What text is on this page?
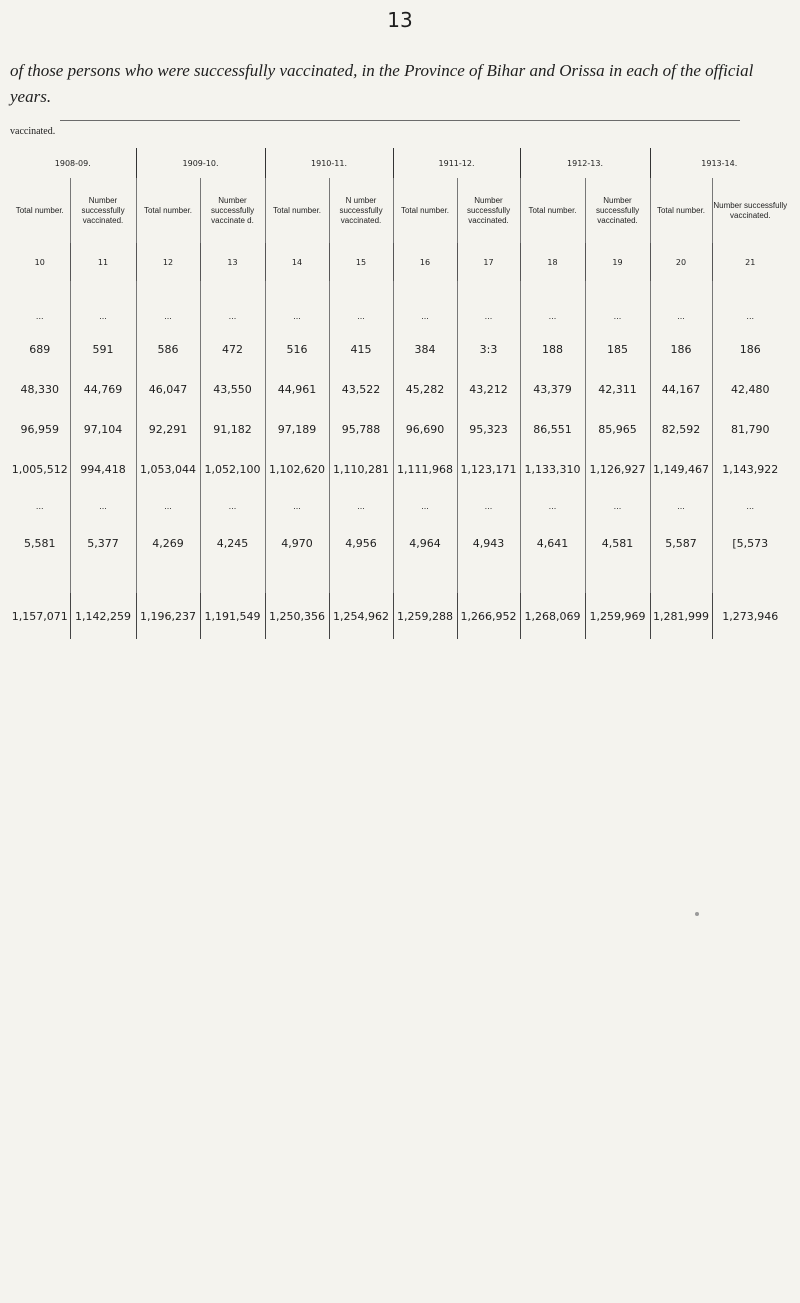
13
of those persons who were successfully vaccinated, in the Province of Bihar and Orissa in each of the official years.
vaccinated.
1908-09.		1909-10.		1910-11.		1911-12.		1912-13.		1913-14.	
Total number.	Number successfully vaccinated.	Total number.	Number successfully vaccinate d.	Total number.	N umber successfully vaccinated.	Total number.	Number successfully vaccinated.	Total number.	Number successfully vaccinated.	Total number.	Number successfully vaccinated.
10	11	12	13	14	15	16	17	18	19	20	21

...	...	...	...	...	...	...	...	...	...	...	...
689	591	586	472	516	415	384	3:3	188	185	186	186
48,330	44,769	46,047	43,550	44,961	43,522	45,282	43,212	43,379	42,311	44,167	42,480
96,959	97,104	92,291	91,182	97,189	95,788	96,690	95,323	86,551	85,965	82,592	81,790
1,005,512	994,418	1,053,044	1,052,100	1,102,620	1,110,281	1,111,968	1,123,171	1,133,310	1,126,927	1,149,467	1,143,922
...	...	...	...	...	...	...	...	...	...	...	...
5,581	5,377	4,269	4,245	4,970	4,956	4,964	4,943	4,641	4,581	5,587	[5,573

1,157,071	1,142,259	1,196,237	1,191,549	1,250,356	1,254,962	1,259,288	1,266,952	1,268,069	1,259,969	1,281,999	1,273,946
